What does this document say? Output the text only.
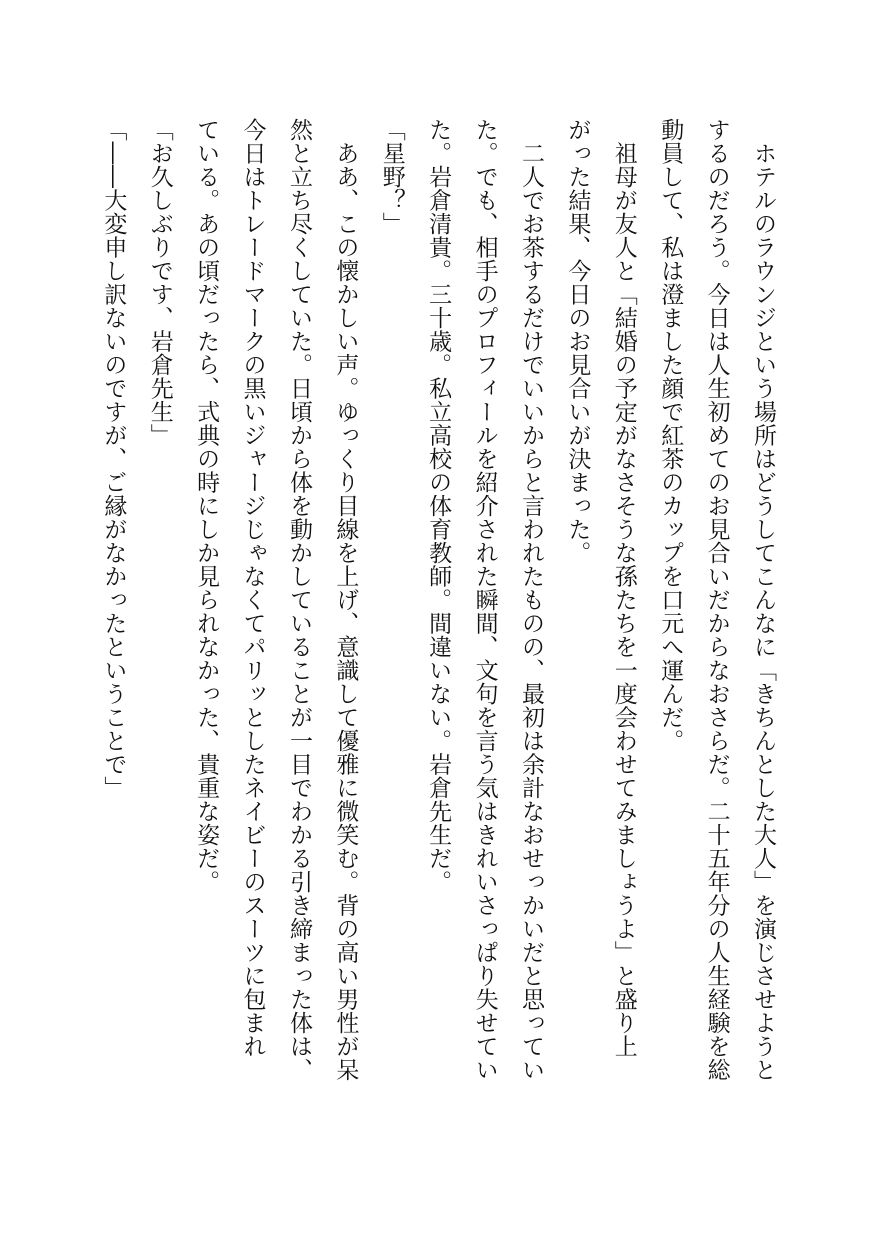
　ホテルのラウンジという場所はどうしてこんなに「きちんとした大人」を演じさせようと
するのだろう。今日は人生初めてのお見合いだからなおさらだ。二十五年分の人生経験を総
動員して、私は澄ました顔で紅茶のカップを口元へ運んだ。
　祖母が友人と「結婚の予定がなさそうな孫たちを一度会わせてみましょうよ」と盛り上
がった結果、今日のお見合いが決まった。
　二人でお茶するだけでいいからと言われたものの、最初は余計なおせっかいだと思ってい
た。でも、相手のプロフィールを紹介された瞬間、文句を言う気はきれいさっぱり失せてい
た。岩倉清貴。三十歳。私立高校の体育教師。間違いない。岩倉先生だ。
「星野？」
　ああ、この懐かしい声。ゆっくり目線を上げ、意識して優雅に微笑む。背の高い男性が呆
然と立ち尽くしていた。日頃から体を動かしていることが一目でわかる引き締まった体は、
今日はトレードマークの黒いジャージじゃなくてパリッとしたネイビーのスーツに包まれ
ている。あの頃だったら、式典の時にしか見られなかった、貴重な姿だ。
「お久しぶりです、岩倉先生」
「――大変申し訳ないのですが、ご縁がなかったということで」
